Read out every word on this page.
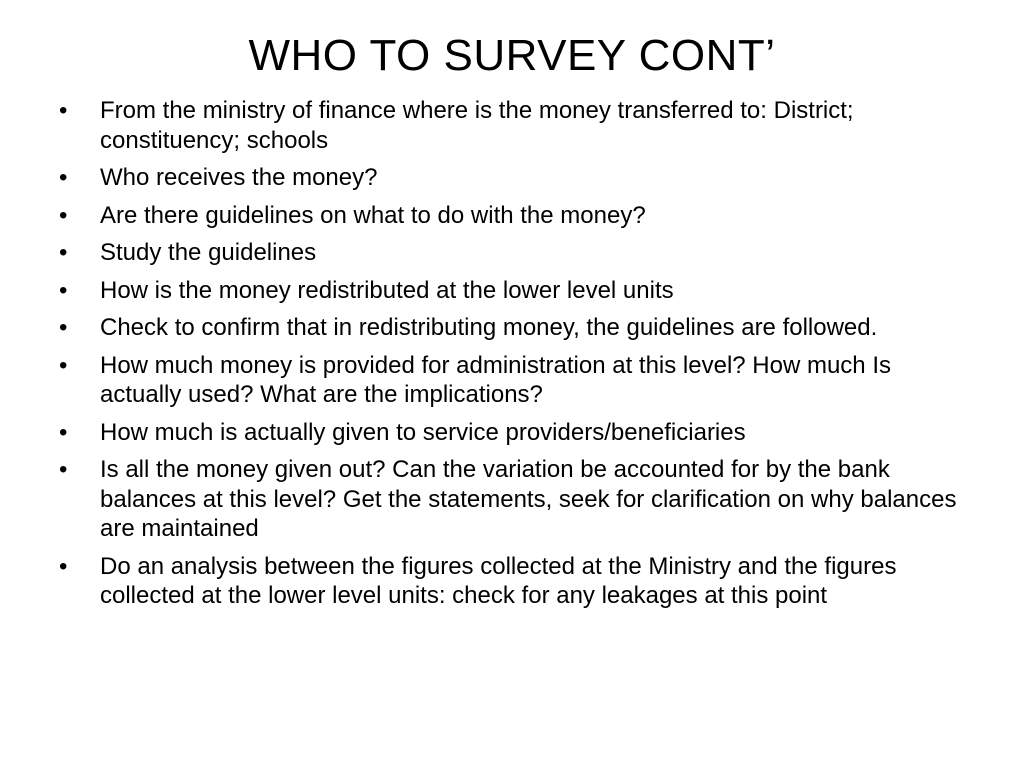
WHO TO SURVEY CONT’
•	From the ministry of finance where is the money transferred to: District; constituency; schools
•	Who receives the money?
•	Are there guidelines on what to do with the money?
•	Study the guidelines
•	How is the money redistributed at the lower level units
•	Check to confirm that in redistributing money, the guidelines are followed.
•	How much money is provided for administration at this level? How much Is actually used? What are the implications?
•	How much is actually given to service providers/beneficiaries
•	Is all the money given out? Can the variation be accounted for by the bank balances at this level? Get the statements, seek for clarification on why balances are maintained
•	Do an analysis between the figures collected at the Ministry and the figures collected at the lower level units: check for any leakages at this point
